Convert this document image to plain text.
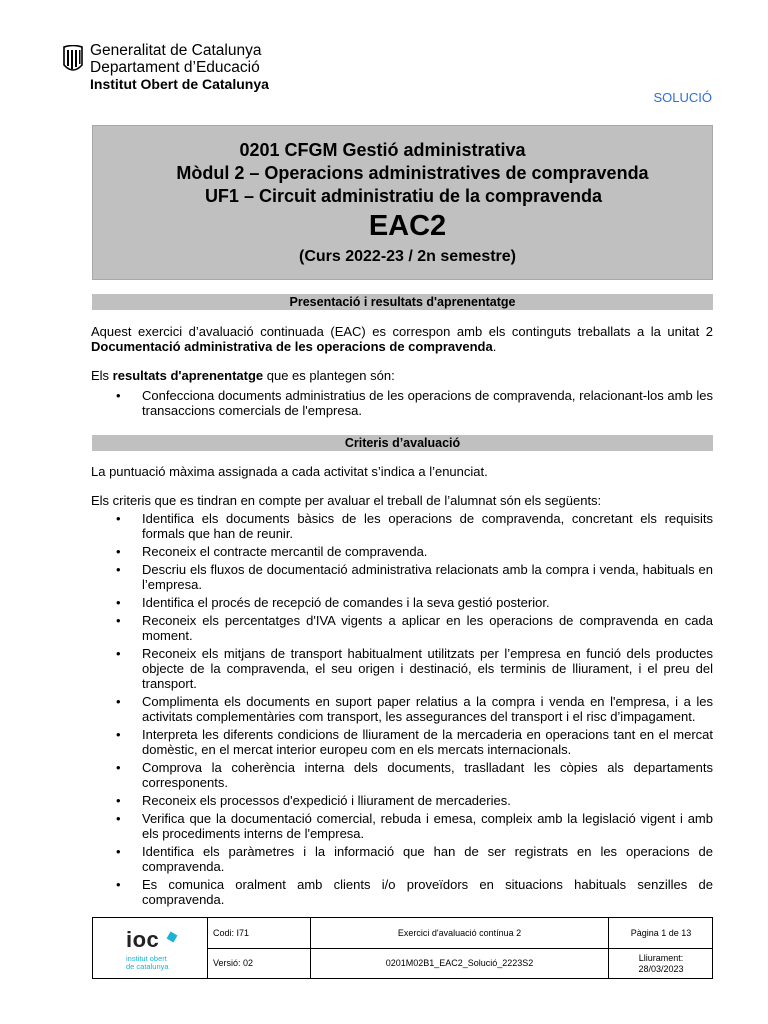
Generalitat de Catalunya
Departament d’Educació
Institut Obert de Catalunya
SOLUCIÓ
0201 CFGM Gestió administrativa
Mòdul 2 – Operacions administratives de compravenda
UF1 – Circuit administratiu de la compravenda
EAC2
(Curs 2022-23 / 2n semestre)
Presentació i resultats d'aprenentatge

Aquest exercici d’avaluació continuada (EAC) es correspon amb els continguts treballats a la unitat 2 Documentació administrativa de les operacions de compravenda.

Els resultats d'aprenentatge que es plantegen són:

• Confecciona documents administratius de les operacions de compravenda, relacionant-los amb les transaccions comercials de l'empresa.
Criteris d’avaluació

La puntuació màxima assignada a cada activitat s’indica a l’enunciat.

Els criteris que es tindran en compte per avaluar el treball de l’alumnat són els següents:

• Identifica els documents bàsics de les operacions de compravenda, concretant els requisits formals que han de reunir.
• Reconeix el contracte mercantil de compravenda.
• Descriu els fluxos de documentació administrativa relacionats amb la compra i venda, habituals en l’empresa.
• Identifica el procés de recepció de comandes i la seva gestió posterior.
• Reconeix els percentatges d'IVA vigents a aplicar en les operacions de compravenda en cada moment.
• Reconeix els mitjans de transport habitualment utilitzats per l’empresa en funció dels productes objecte de la compravenda, el seu origen i destinació, els terminis de lliurament, i el preu del transport.
• Complimenta els documents en suport paper relatius a la compra i venda en l'empresa, i a les activitats complementàries com transport, les assegurances del transport i el risc d’impagament.
• Interpreta les diferents condicions de lliurament de la mercaderia en operacions tant en el mercat domèstic, en el mercat interior europeu com en els mercats internacionals.
• Comprova la coherència interna dels documents, traslladant les còpies als departaments corresponents.
• Reconeix els processos d'expedició i lliurament de mercaderies.
• Verifica que la documentació comercial, rebuda i emesa, compleix amb la legislació vigent i amb els procediments interns de l'empresa.
• Identifica els paràmetres i la informació que han de ser registrats en les operacions de compravenda.
• Es comunica oralment amb clients i/o proveïdors en situacions habituals senzilles de compravenda.
ioc
institut obert
de catalunya
Codi: I71
Versió: 02
Exercici d'avaluació contínua 2
0201M02B1_EAC2_Solució_2223S2
Pàgina 1 de 13
Lliurament:
28/03/2023
